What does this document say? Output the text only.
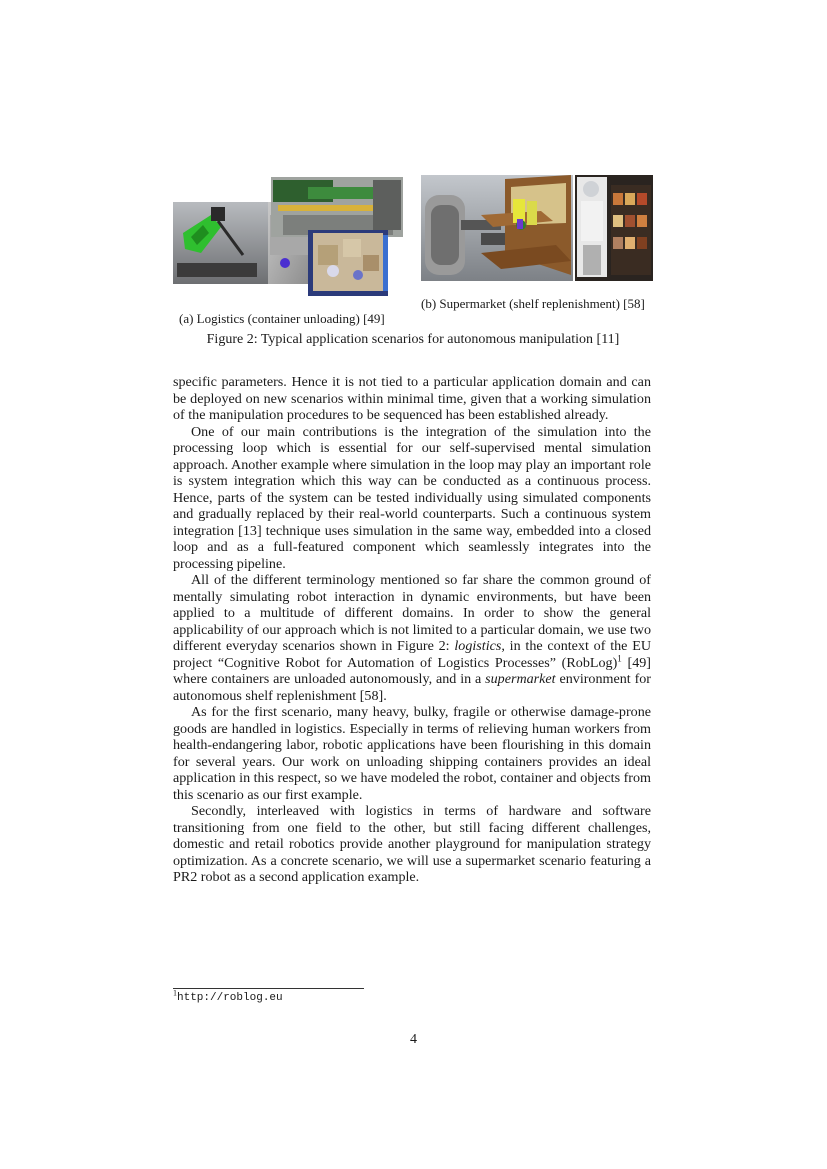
(a) Logistics (container unloading) [49]
(b) Supermarket (shelf replenishment) [58]
Figure 2: Typical application scenarios for autonomous manipulation [11]

specific parameters. Hence it is not tied to a particular application domain and can be deployed on new scenarios within minimal time, given that a working simulation of the manipulation procedures to be sequenced has been established already.

One of our main contributions is the integration of the simulation into the processing loop which is essential for our self-supervised mental simulation approach. Another example where simulation in the loop may play an important role is system integration which this way can be conducted as a continuous process. Hence, parts of the system can be tested individually using simulated components and gradually replaced by their real-world counterparts. Such a continuous system integration [13] technique uses simulation in the same way, embedded into a closed loop and as a full-featured component which seamlessly integrates into the processing pipeline.

All of the different terminology mentioned so far share the common ground of mentally simulating robot interaction in dynamic environments, but have been applied to a multitude of different domains. In order to show the general applicability of our approach which is not limited to a particular domain, we use two different everyday scenarios shown in Figure 2: logistics, in the context of the EU project “Cognitive Robot for Automation of Logistics Processes” (RobLog)$^1$ [49] where containers are unloaded autonomously, and in a supermarket environment for autonomous shelf replenishment [58].

As for the first scenario, many heavy, bulky, fragile or otherwise damage-prone goods are handled in logistics. Especially in terms of relieving human workers from health-endangering labor, robotic applications have been flourishing in this domain for several years. Our work on unloading shipping containers provides an ideal application in this respect, so we have modeled the robot, container and objects from this scenario as our first example.

Secondly, interleaved with logistics in terms of hardware and software transitioning from one field to the other, but still facing different challenges, domestic and retail robotics provide another playground for manipulation strategy optimization. As a concrete scenario, we will use a supermarket scenario featuring a PR2 robot as a second application example.

$^1$http://roblog.eu
4
